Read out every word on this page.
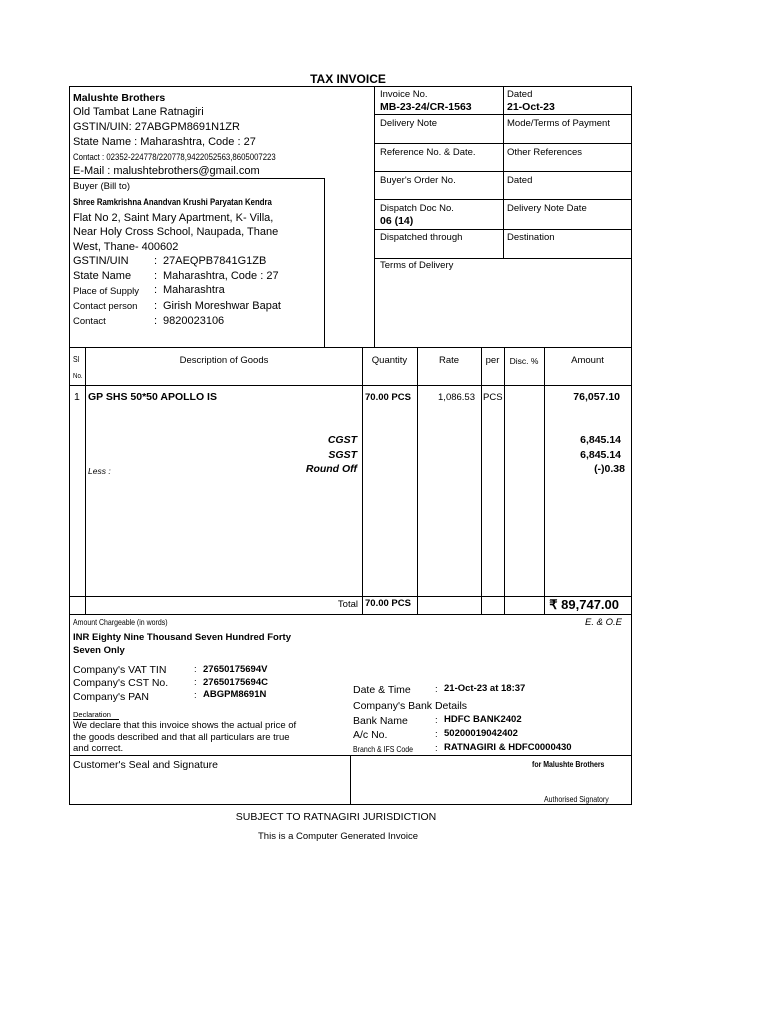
TAX INVOICE
Malushte Brothers
Old Tambat Lane Ratnagiri
GSTIN/UIN: 27ABGPM8691N1ZR
State Name : Maharashtra, Code : 27
Contact : 02352-224778/220778,9422052563,8605007223
E-Mail : malushtebrothers@gmail.com
Buyer (Bill to)
Shree Ramkrishna Anandvan Krushi Paryatan Kendra
Flat No 2, Saint Mary Apartment, K- Villa,
Near Holy Cross School, Naupada, Thane
West, Thane- 400602
GSTIN/UIN : 27AEQPB7841G1ZB
State Name : Maharashtra, Code : 27
Place of Supply : Maharashtra
Contact person : Girish Moreshwar Bapat
Contact	: 9820023106
Invoice No.
MB-23-24/CR-1563
Dated
21-Oct-23
Delivery Note	Mode/Terms of Payment
Reference No. & Date.	Other References
Buyer's Order No.	Dated
Dispatch Doc No.
06 (14)
Delivery Note Date
Dispatched through	Destination
Terms of Delivery
Sl
No.
Description of Goods	Quantity	Rate	per	Disc. %	Amount
1 GP SHS 50*50 APOLLO IS	70.00 PCS	1,086.53 PCS	76,057.10
CGST	6,845.14
SGST	6,845.14
Less :	Round Off	(-)0.38
Total 70.00 PCS	₹ 89,747.00
Amount Chargeable (in words)	E. & O.E
INR Eighty Nine Thousand Seven Hundred Forty
Seven Only
Company's VAT TIN	: 27650175694V
Company's CST No.	: 27650175694C
Company's PAN	: ABGPM8691N
Declaration
We declare that this invoice shows the actual price of
the goods described and that all particulars are true
and correct.
Date & Time	: 21-Oct-23 at 18:37
Company's Bank Details
Bank Name	: HDFC BANK2402
A/c No.	: 50200019042402
Branch & IFS Code : RATNAGIRI & HDFC0000430
Customer's Seal and Signature	for Malushte Brothers
Authorised Signatory
SUBJECT TO RATNAGIRI JURISDICTION
This is a Computer Generated Invoice
